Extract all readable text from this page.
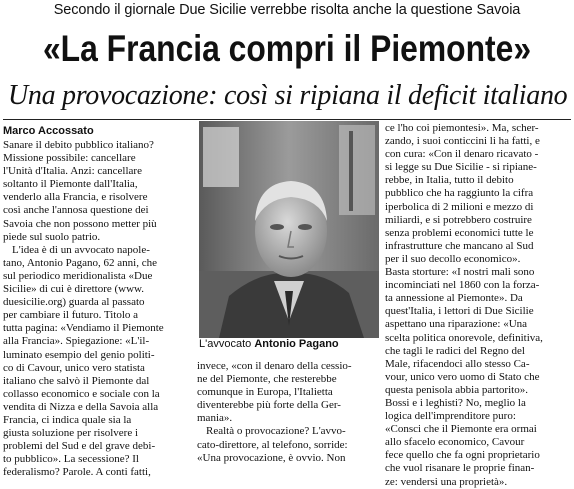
Secondo il giornale Due Sicilie verrebbe risolta anche la questione Savoia
«La Francia compri il Piemonte»
Una provocazione: così si ripiana il deficit italiano
Marco Accossato
Sanare il debito pubblico italiano?
Missione possibile: cancellare
l'Unità d'Italia. Anzi: cancellare
soltanto il Piemonte dall'Italia,
venderlo alla Francia, e risolvere
così anche l'annosa questione dei
Savoia che non possono metter più
piede sul suolo patrio.
L'idea è di un avvocato napole-
tano, Antonio Pagano, 62 anni, che
sul periodico meridionalista «Due
Sicilie» di cui è direttore (www.
duesicilie.org) guarda al passato
per cambiare il futuro. Titolo a
tutta pagina: «Vendiamo il Piemonte
alla Francia». Spiegazione: «L'il-
luminato esempio del genio politi-
co di Cavour, unico vero statista
italiano che salvò il Piemonte dal
collasso economico e sociale con la
vendita di Nizza e della Savoia alla
Francia, ci indica quale sia la
giusta soluzione per risolvere i
problemi del Sud e del grave debi-
to pubblico». La secessione? Il
federalismo? Parole. A conti fatti,
L'avvocato Antonio Pagano
invece, «con il denaro della cessio-
ne del Piemonte, che resterebbe
comunque in Europa, l'Italietta
diventerebbe più forte della Ger-
mania».
Realtà o provocazione? L'avvo-
cato-direttore, al telefono, sorride:
«Una provocazione, è ovvio. Non
ce l'ho coi piemontesi». Ma, scher-
zando, i suoi conticcini li ha fatti, e
con cura: «Con il denaro ricavato -
si legge su Due Sicilie - si ripiane-
rebbe, in Italia, tutto il debito
pubblico che ha raggiunto la cifra
iperbolica di 2 milioni e mezzo di
miliardi, e si potrebbero costruire
senza problemi economici tutte le
infrastrutture che mancano al Sud
per il suo decollo economico».
Basta storture: «I nostri mali sono
incominciati nel 1860 con la forza-
ta annessione al Piemonte». Da
quest'Italia, i lettori di Due Sicilie
aspettano una riparazione: «Una
scelta politica onorevole, definitiva,
che tagli le radici del Regno del
Male, rifacendoci allo stesso Ca-
vour, unico vero uomo di Stato che
questa penisola abbia partorito».
Bossi e i leghisti? No, meglio la
logica dell'imprenditore puro:
«Consci che il Piemonte era ormai
allo sfacelo economico, Cavour
fece quello che fa ogni proprietario
che vuol risanare le proprie finan-
ze: vendersi una proprietà».
